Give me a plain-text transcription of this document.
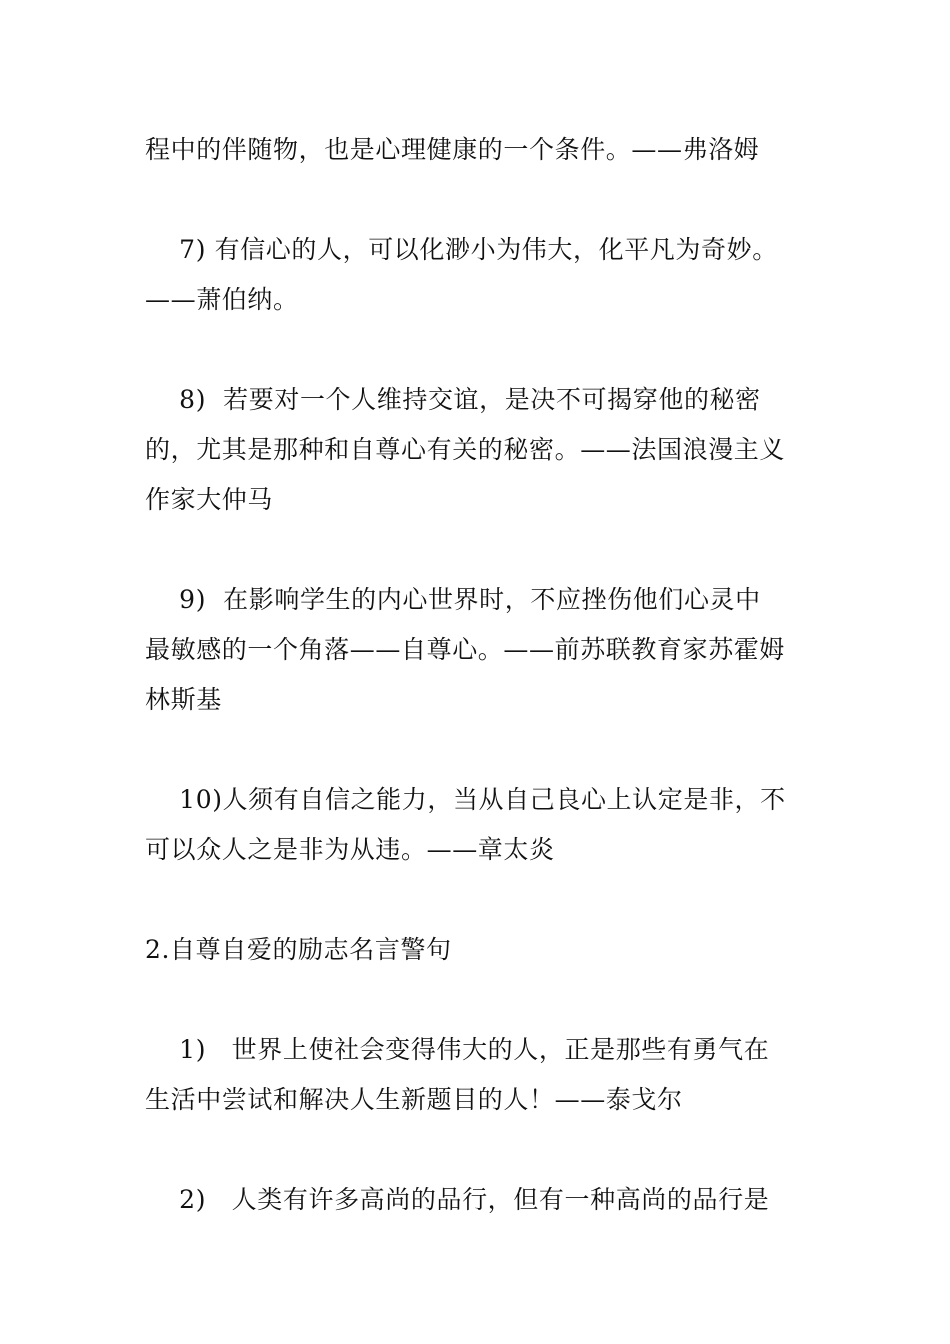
程中的伴随物，也是心理健康的一个条件。——弗洛姆
7) 有信心的人，可以化渺小为伟大，化平凡为奇妙。
——萧伯纳。
8)  若要对一个人维持交谊，是决不可揭穿他的秘密
的，尤其是那种和自尊心有关的秘密。——法国浪漫主义
作家大仲马
9)  在影响学生的内心世界时，不应挫伤他们心灵中
最敏感的一个角落——自尊心。——前苏联教育家苏霍姆
林斯基
10)人须有自信之能力，当从自己良心上认定是非，不
可以众人之是非为从违。——章太炎
2.自尊自爱的励志名言警句
1)   世界上使社会变得伟大的人，正是那些有勇气在
生活中尝试和解决人生新题目的人！——泰戈尔
2)   人类有许多高尚的品行，但有一种高尚的品行是
